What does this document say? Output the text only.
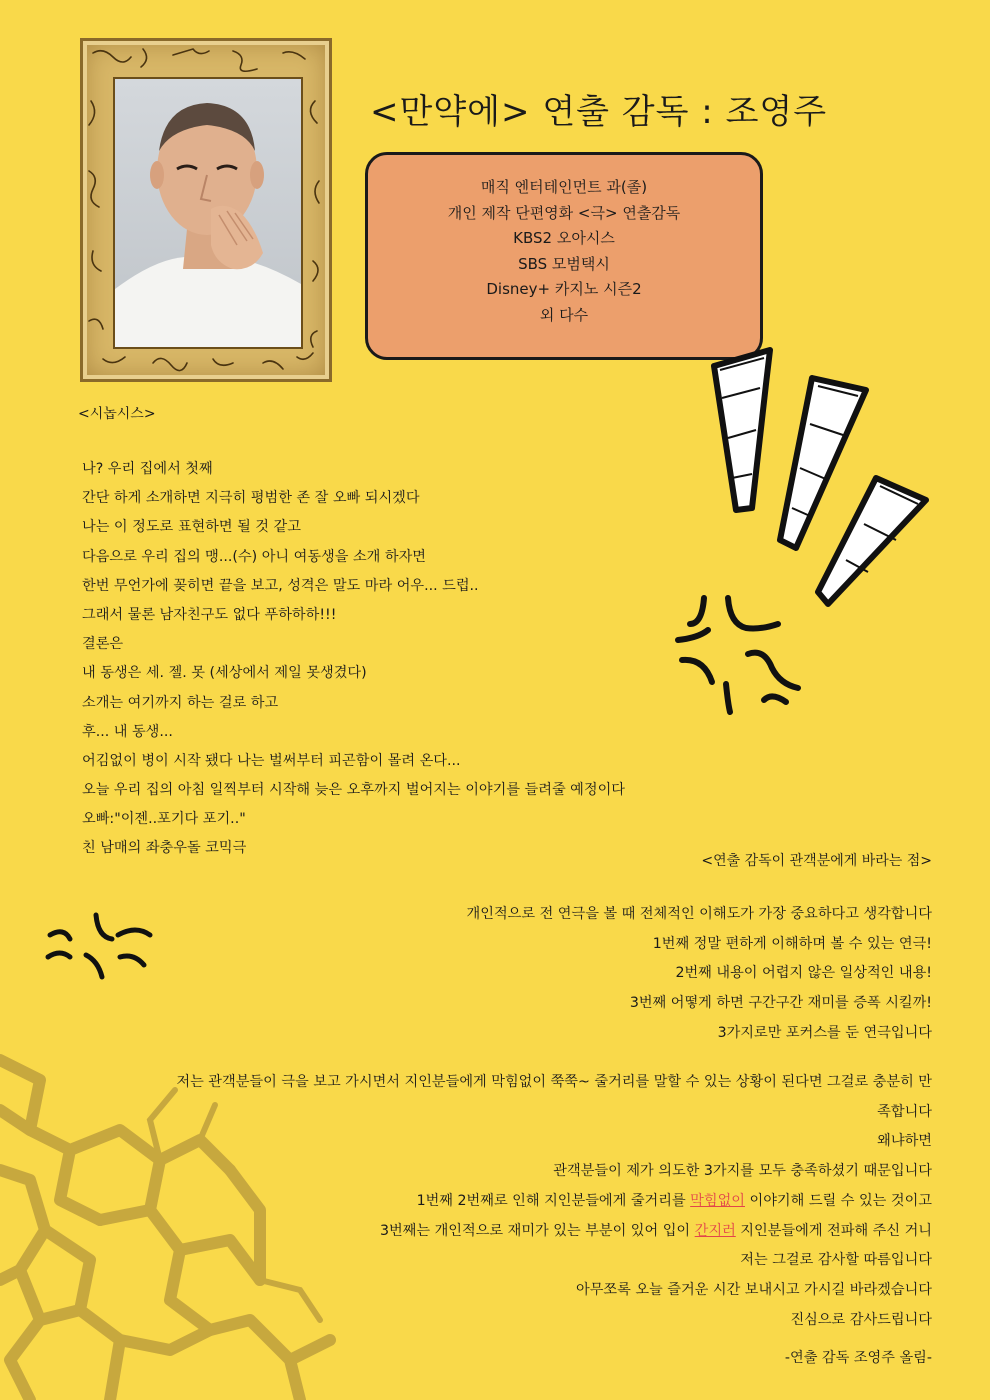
<만약에> 연출 감독 : 조영주
매직 엔터테인먼트 과(졸)
개인 제작 단편영화 <극> 연출감독
KBS2 오아시스
SBS 모범택시
Disney+ 카지노 시즌2
외 다수
<시놉시스>
나? 우리 집에서 첫째
간단 하게 소개하면 지극히 평범한 존 잘 오빠 되시겠다
나는 이 정도로 표현하면 될 것 같고
다음으로 우리 집의 맹...(수) 아니 여동생을 소개 하자면
한번 무언가에 꽂히면 끝을 보고, 성격은 말도 마라 어우... 드럽..
그래서 물론 남자친구도 없다 푸하하하!!!
결론은
내 동생은 세. 젤. 못 (세상에서 제일 못생겼다)
소개는 여기까지 하는 걸로 하고
후... 내 동생...
어김없이 병이 시작 됐다 나는 벌써부터 피곤함이 몰려 온다...
오늘 우리 집의 아침 일찍부터 시작해 늦은 오후까지 벌어지는 이야기를 들려줄 예정이다
오빠:"이젠..포기다 포기.."
친 남매의 좌충우돌 코믹극
<연출 감독이 관객분에게 바라는 점>
개인적으로 전 연극을 볼 때 전체적인 이해도가 가장 중요하다고 생각합니다
1번째 정말 편하게 이해하며 볼 수 있는 연극!
2번째 내용이 어렵지 않은 일상적인 내용!
3번째 어떻게 하면 구간구간 재미를 증폭 시킬까!
3가지로만 포커스를 둔 연극입니다
저는 관객분들이 극을 보고 가시면서 지인분들에게 막힘없이 쭉쭉~ 줄거리를 말할 수 있는 상황이 된다면 그걸로 충분히 만
족합니다
왜냐하면
관객분들이 제가 의도한 3가지를 모두 충족하셨기 때문입니다
1번째 2번째로 인해 지인분들에게 줄거리를 막힘없이 이야기해 드릴 수 있는 것이고
3번째는 개인적으로 재미가 있는 부분이 있어 입이 간지러 지인분들에게 전파해 주신 거니
저는 그걸로 감사할 따름입니다
아무쪼록 오늘 즐거운 시간 보내시고 가시길 바라겠습니다
진심으로 감사드립니다
-연출 감독 조영주 올림-
